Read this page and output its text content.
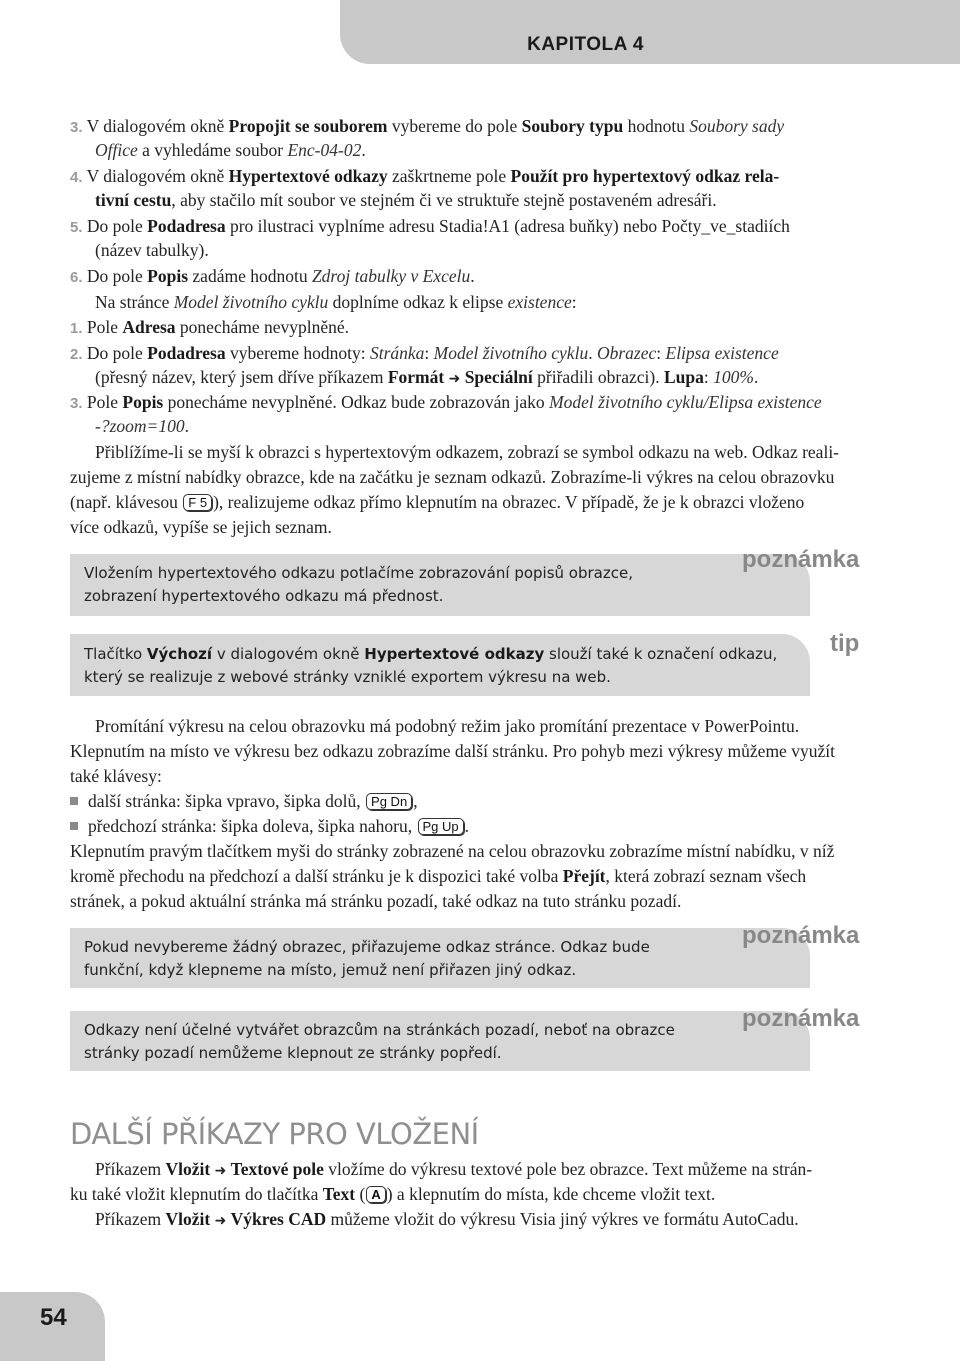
KAPITOLA 4
3. V dialogovém okně Propojit se souborem vybereme do pole Soubory typu hodnotu Soubory sady
Office a vyhledáme soubor Enc-04-02.
4. V dialogovém okně Hypertextové odkazy zaškrtneme pole Použít pro hypertextový odkaz rela-
tivní cestu, aby stačilo mít soubor ve stejném či ve struktuře stejně postaveném adresáři.
5. Do pole Podadresa pro ilustraci vyplníme adresu Stadia!A1 (adresa buňky) nebo Počty_ve_stadiích
(název tabulky).
6. Do pole Popis zadáme hodnotu Zdroj tabulky v Excelu.
Na stránce Model životního cyklu doplníme odkaz k elipse existence:
1. Pole Adresa ponecháme nevyplněné.
2. Do pole Podadresa vybereme hodnoty: Stránka: Model životního cyklu. Obrazec: Elipsa existence
(přesný název, který jsem dříve příkazem Formát ➜ Speciální přiřadili obrazci). Lupa: 100%.
3. Pole Popis ponecháme nevyplněné. Odkaz bude zobrazován jako Model životního cyklu/Elipsa existence
-?zoom=100.
Přiblížíme-li se myší k obrazci s hypertextovým odkazem, zobrazí se symbol odkazu na web. Odkaz reali-
zujeme z místní nabídky obrazce, kde na začátku je seznam odkazů. Zobrazíme-li výkres na celou obrazovku
(např. klávesou F 5 ), realizujeme odkaz přímo klepnutím na obrazec. V případě, že je k obrazci vloženo
více odkazů, vypíše se jejich seznam.
Vložením hypertextového odkazu potlačíme zobrazování popisů obrazce,
zobrazení hypertextového odkazu má přednost.
poznámka
Tlačítko Výchozí v dialogovém okně Hypertextové odkazy slouží také k označení odkazu,
který se realizuje z webové stránky vzniklé exportem výkresu na web.
tip
Promítání výkresu na celou obrazovku má podobný režim jako promítání prezentace v PowerPointu.
Klepnutím na místo ve výkresu bez odkazu zobrazíme další stránku. Pro pohyb mezi výkresy můžeme využít
také klávesy:
další stránka: šipka vpravo, šipka dolů, Pg Dn ,
předchozí stránka: šipka doleva, šipka nahoru, Pg Up .
Klepnutím pravým tlačítkem myši do stránky zobrazené na celou obrazovku zobrazíme místní nabídku, v níž
kromě přechodu na předchozí a další stránku je k dispozici také volba Přejít, která zobrazí seznam všech
stránek, a pokud aktuální stránka má stránku pozadí, také odkaz na tuto stránku pozadí.
Pokud nevybereme žádný obrazec, přiřazujeme odkaz stránce. Odkaz bude
funkční, když klepneme na místo, jemuž není přiřazen jiný odkaz.
poznámka
Odkazy není účelné vytvářet obrazcům na stránkách pozadí, neboť na obrazce
stránky pozadí nemůžeme klepnout ze stránky popředí.
poznámka
DALŠÍ PŘÍKAZY PRO VLOŽENÍ
Příkazem Vložit ➜ Textové pole vložíme do výkresu textové pole bez obrazce. Text můžeme na strán-
ku také vložit klepnutím do tlačítka Text ( A ) a klepnutím do místa, kde chceme vložit text.
Příkazem Vložit ➜ Výkres CAD můžeme vložit do výkresu Visia jiný výkres ve formátu AutoCadu.
54
